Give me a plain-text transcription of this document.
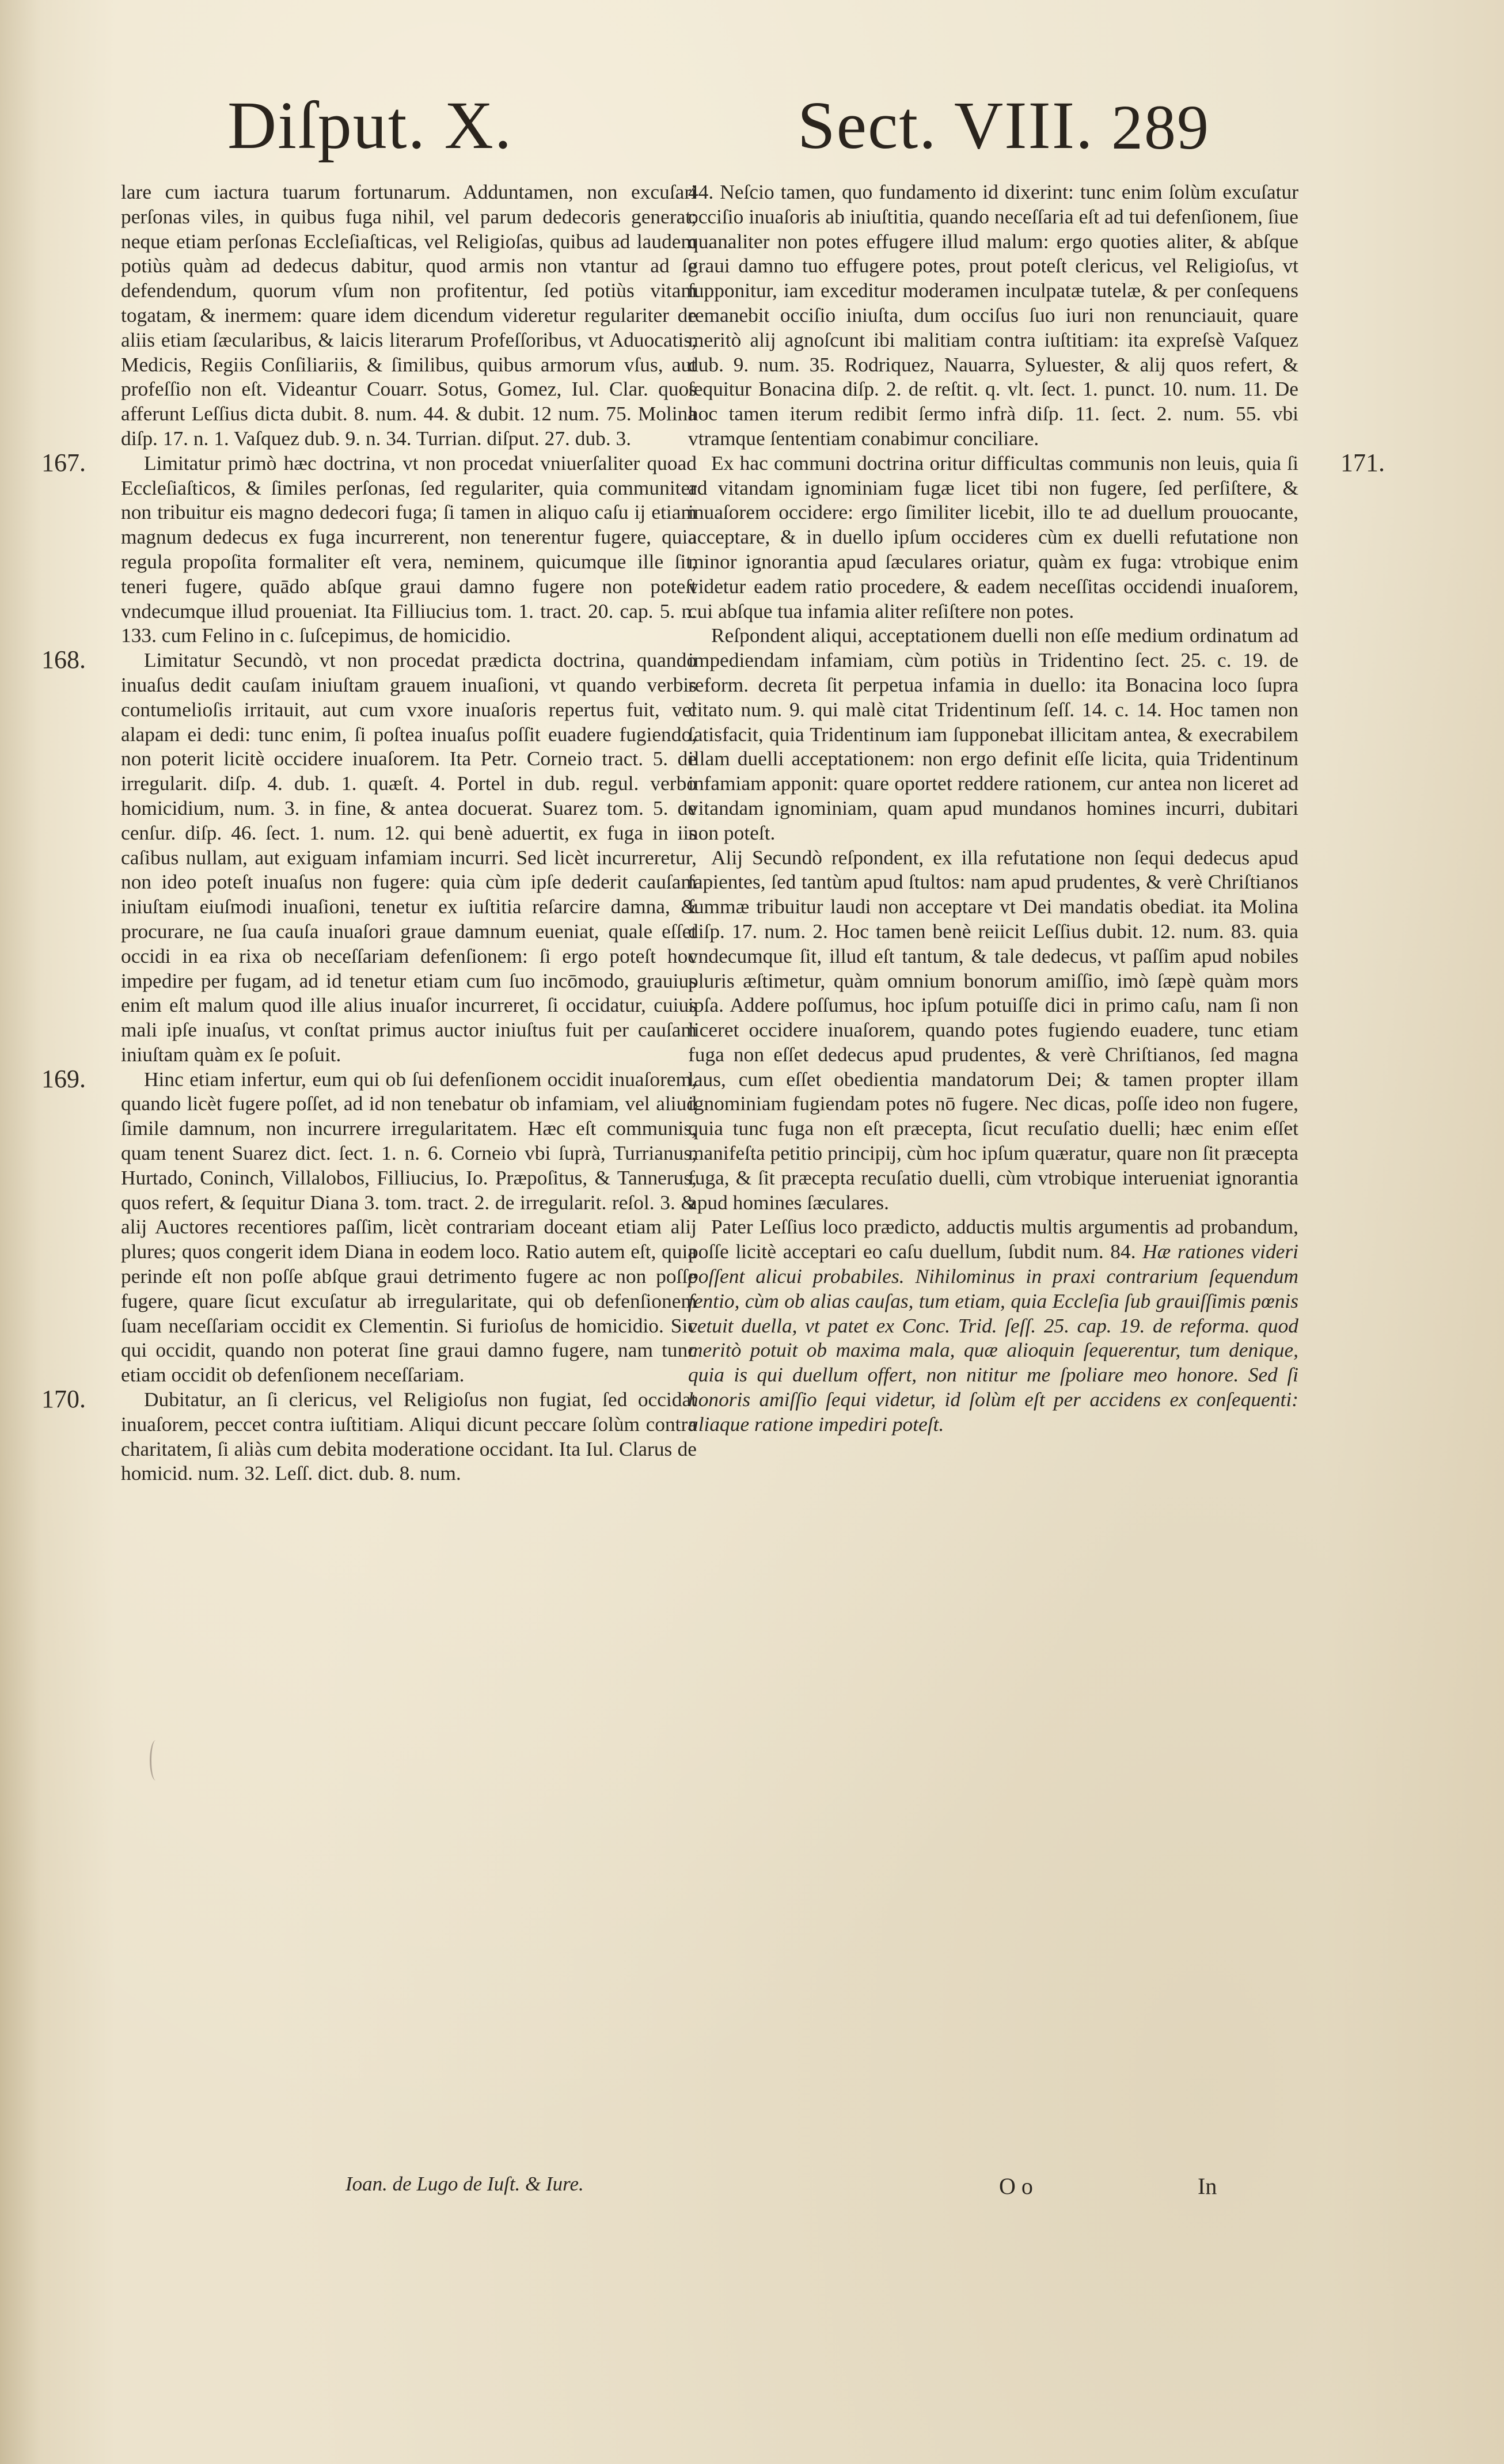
Diſput. X.	Sect. VIII. 289

lare cum iactura tuarum fortunarum. Adduntamen, non excuſari perſonas viles, in quibus fuga nihil, vel parum dedecoris generat; neque etiam perſonas Eccleſiaſticas, vel Religioſas, quibus ad laudem potiùs quàm ad dedecus dabitur, quod armis non vtantur ad ſe defendendum, quorum vſum non profitentur, ſed potiùs vitam togatam, & inermem: quare idem dicendum videretur regulariter de aliis etiam ſæcularibus, & laicis literarum Profeſſoribus, vt Aduocatis, Medicis, Regiis Conſiliariis, & ſimilibus, quibus armorum vſus, aut profeſſio non eſt. Videantur Couarr. Sotus, Gomez, Iul. Clar. quos afferunt Leſſius dicta dubit. 8. num. 44. & dubit. 12 num. 75. Molina diſp. 17. n. 1. Vaſquez dub. 9. n. 34. Turrian. diſput. 27. dub. 3.

167.	Limitatur primò hæc doctrina, vt non procedat vniuerſaliter quoad Eccleſiaſticos, & ſimiles perſonas, ſed regulariter, quia communiter non tribuitur eis magno dedecori fuga; ſi tamen in aliquo caſu ij etiam magnum dedecus ex fuga incurrerent, non tenerentur fugere, quia regula propoſita formaliter eſt vera, neminem, quicumque ille ſit, teneri fugere, quādo abſque graui damno fugere non poteſt vndecumque illud proueniat. Ita Filliucius tom. 1. tract. 20. cap. 5. n. 133. cum Felino in c. ſuſcepimus, de homicidio.

168.	Limitatur Secundò, vt non procedat prædicta doctrina, quando inuaſus dedit cauſam iniuſtam grauem inuaſioni, vt quando verbis contumelioſis irritauit, aut cum vxore inuaſoris repertus fuit, vel alapam ei dedi: tunc enim, ſi poſtea inuaſus poſſit euadere fugiendo, non poterit licitè occidere inuaſorem. Ita Petr. Corneio tract. 5. de irregularit. diſp. 4. dub. 1. quæſt. 4. Portel in dub. regul. verbo homicidium, num. 3. in fine, & antea docuerat. Suarez tom. 5. de cenſur. diſp. 46. ſect. 1. num. 12. qui benè aduertit, ex fuga in iis caſibus nullam, aut exiguam infamiam incurri. Sed licèt incurreretur, non ideo poteſt inuaſus non fugere: quia cùm ipſe dederit cauſam iniuſtam eiuſmodi inuaſioni, tenetur ex iuſtitia reſarcire damna, & procurare, ne ſua cauſa inuaſori graue damnum eueniat, quale eſſet occidi in ea rixa ob neceſſariam defenſionem: ſi ergo poteſt hoc impedire per fugam, ad id tenetur etiam cum ſuo incōmodo, grauius enim eſt malum quod ille alius inuaſor incurreret, ſi occidatur, cuius mali ipſe inuaſus, vt conſtat primus auctor iniuſtus fuit per cauſam iniuſtam quàm ex ſe poſuit.

169.	Hinc etiam infertur, eum qui ob ſui defenſionem occidit inuaſorem, quando licèt fugere poſſet, ad id non tenebatur ob infamiam, vel aliud ſimile damnum, non incurrere irregularitatem. Hæc eſt communis, quam tenent Suarez dict. ſect. 1. n. 6. Corneio vbi ſuprà, Turrianus, Hurtado, Coninch, Villalobos, Filliucius, Io. Præpoſitus, & Tannerus, quos refert, & ſequitur Diana 3. tom. tract. 2. de irregularit. reſol. 3. & alij Auctores recentiores paſſim, licèt contrariam doceant etiam alij plures; quos congerit idem Diana in eodem loco. Ratio autem eſt, quia perinde eſt non poſſe abſque graui detrimento fugere ac non poſſe fugere, quare ſicut excuſatur ab irregularitate, qui ob defenſionem ſuam neceſſariam occidit ex Clementin. Si furioſus de homicidio. Sic qui occidit, quando non poterat ſine graui damno fugere, nam tunc etiam occidit ob defenſionem neceſſariam.

170.	Dubitatur, an ſi clericus, vel Religioſus non fugiat, ſed occidat inuaſorem, peccet contra iuſtitiam. Aliqui dicunt peccare ſolùm contra charitatem, ſi aliàs cum debita moderatione occidant. Ita Iul. Clarus de homicid. num. 32. Leſſ. dict. dub. 8. num.

44. Neſcio tamen, quo fundamento id dixerint: tunc enim ſolùm excuſatur occiſio inuaſoris ab iniuſtitia, quando neceſſaria eſt ad tui defenſionem, ſiue quanaliter non potes effugere illud malum: ergo quoties aliter, & abſque graui damno tuo effugere potes, prout poteſt clericus, vel Religioſus, vt ſupponitur, iam exceditur moderamen inculpatæ tutelæ, & per conſequens remanebit occiſio iniuſta, dum occiſus ſuo iuri non renunciauit, quare meritò alij agnoſcunt ibi malitiam contra iuſtitiam: ita expreſsè Vaſquez dub. 9. num. 35. Rodriquez, Nauarra, Syluester, & alij quos refert, & ſequitur Bonacina diſp. 2. de reſtit. q. vlt. ſect. 1. punct. 10. num. 11. De hoc tamen iterum redibit ſermo infrà diſp. 11. ſect. 2. num. 55. vbi vtramque ſententiam conabimur conciliare.

171.

Ex hac communi doctrina oritur difficultas communis non leuis, quia ſi ad vitandam ignominiam fugæ licet tibi non fugere, ſed perſiſtere, & inuaſorem occidere: ergo ſimiliter licebit, illo te ad duellum prouocante, acceptare, & in duello ipſum occideres cùm ex duelli refutatione non minor ignorantia apud ſæculares oriatur, quàm ex fuga: vtrobique enim videtur eadem ratio procedere, & eadem neceſſitas occidendi inuaſorem, cui abſque tua infamia aliter reſiſtere non potes.

Reſpondent aliqui, acceptationem duelli non eſſe medium ordinatum ad impediendam infamiam, cùm potiùs in Tridentino ſect. 25. c. 19. de reform. decreta ſit perpetua infamia in duello: ita Bonacina loco ſupra citato num. 9. qui malè citat Tridentinum ſeſſ. 14. c. 14. Hoc tamen non ſatisfacit, quia Tridentinum iam ſupponebat illicitam antea, & execrabilem illam duelli acceptationem: non ergo definit eſſe licita, quia Tridentinum infamiam apponit: quare oportet reddere rationem, cur antea non liceret ad vitandam ignominiam, quam apud mundanos homines incurri, dubitari non poteſt.

Alij Secundò reſpondent, ex illa refutatione non ſequi dedecus apud ſapientes, ſed tantùm apud ſtultos: nam apud prudentes, & verè Chriſtianos ſummæ tribuitur laudi non acceptare vt Dei mandatis obediat. ita Molina diſp. 17. num. 2. Hoc tamen benè reiicit Leſſius dubit. 12. num. 83. quia vndecumque ſit, illud eſt tantum, & tale dedecus, vt paſſim apud nobiles pluris æſtimetur, quàm omnium bonorum amiſſio, imò ſæpè quàm mors ipſa. Addere poſſumus, hoc ipſum potuiſſe dici in primo caſu, nam ſi non liceret occidere inuaſorem, quando potes fugiendo euadere, tunc etiam fuga non eſſet dedecus apud prudentes, & verè Chriſtianos, ſed magna laus, cum eſſet obedientia mandatorum Dei; & tamen propter illam ignominiam fugiendam potes nō fugere. Nec dicas, poſſe ideo non fugere, quia tunc fuga non eſt præcepta, ſicut recuſatio duelli; hæc enim eſſet manifeſta petitio principij, cùm hoc ipſum quæratur, quare non ſit præcepta fuga, & ſit præcepta recuſatio duelli, cùm vtrobique interueniat ignorantia apud homines ſæculares.

Pater Leſſius loco prædicto, adductis multis argumentis ad probandum, poſſe licitè acceptari eo caſu duellum, ſubdit num. 84. Hæ rationes videri poſſent alicui probabiles. Nihilominus in praxi contrarium ſequendum ſentio, cùm ob alias cauſas, tum etiam, quia Eccleſia ſub grauiſſimis pœnis vetuit duella, vt patet ex Conc. Trid. ſeſſ. 25. cap. 19. de reforma. quod meritò potuit ob maxima mala, quæ alioquin ſequerentur, tum denique, quia is qui duellum offert, non nititur me ſpoliare meo honore. Sed ſi honoris amiſſio ſequi videtur, id ſolùm eſt per accidens ex conſequenti: aliaque ratione impediri poteſt.

Ioan. de Lugo de Iuſt. & Iure.	O o	In
